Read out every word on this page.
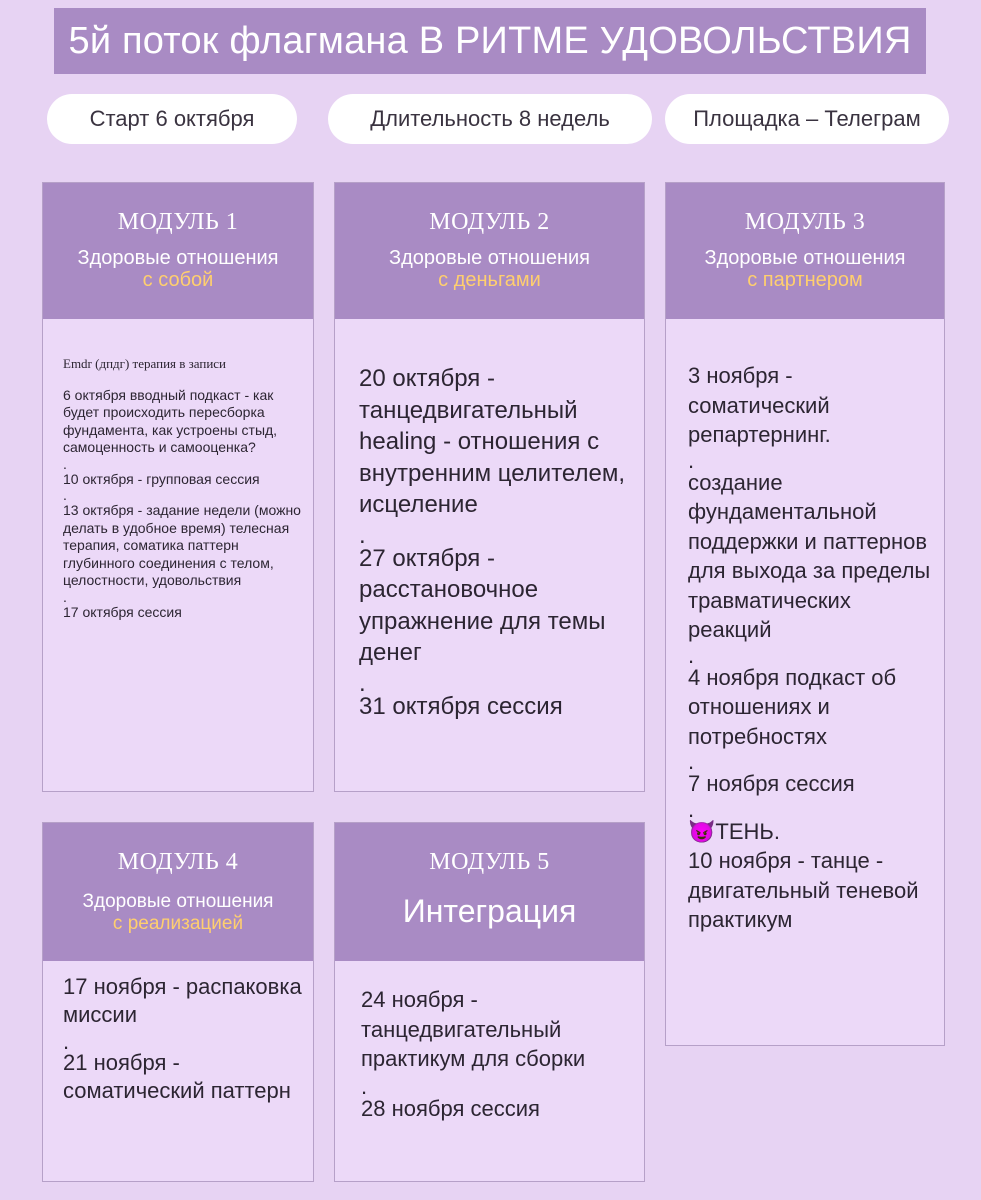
5й поток флагмана В РИТМЕ УДОВОЛЬСТВИЯ
Старт 6 октября	Длительность 8 недель	Площадка – Телеграм
МОДУЛЬ 1
Здоровые отношения
с собой
Emdr (дпдг) терапия в записи
6 октября вводный подкаст - как будет происходить пересборка фундамента, как устроены стыд, самоценность и самооценка?
.
10 октября - групповая сессия
.
13 октября - задание недели (можно делать в удобное время) телесная терапия, соматика паттерн глубинного соединения с телом, целостности, удовольствия
.
17 октября сессия
МОДУЛЬ 2
Здоровые отношения
с деньгами
20 октября - танцедвигательный healing - отношения с внутренним целителем, исцеление
.
27 октября - расстановочное упражнение для темы денег
.
31 октября сессия
МОДУЛЬ 3
Здоровые отношения
с партнером
3 ноября - соматический репартернинг.
.
создание фундаментальной поддержки и паттернов для выхода за пределы травматических реакций
.
4 ноября подкаст об отношениях и потребностях
.
7 ноября сессия
.
😈ТЕНЬ.
10 ноября - танце - двигательный теневой практикум
МОДУЛЬ 4
Здоровые отношения
с реализацией
17 ноября - распаковка миссии
.
21 ноября - соматический паттерн
МОДУЛЬ 5
Интеграция
24 ноября - танцедвигательный практикум для сборки
.
28 ноября сессия
